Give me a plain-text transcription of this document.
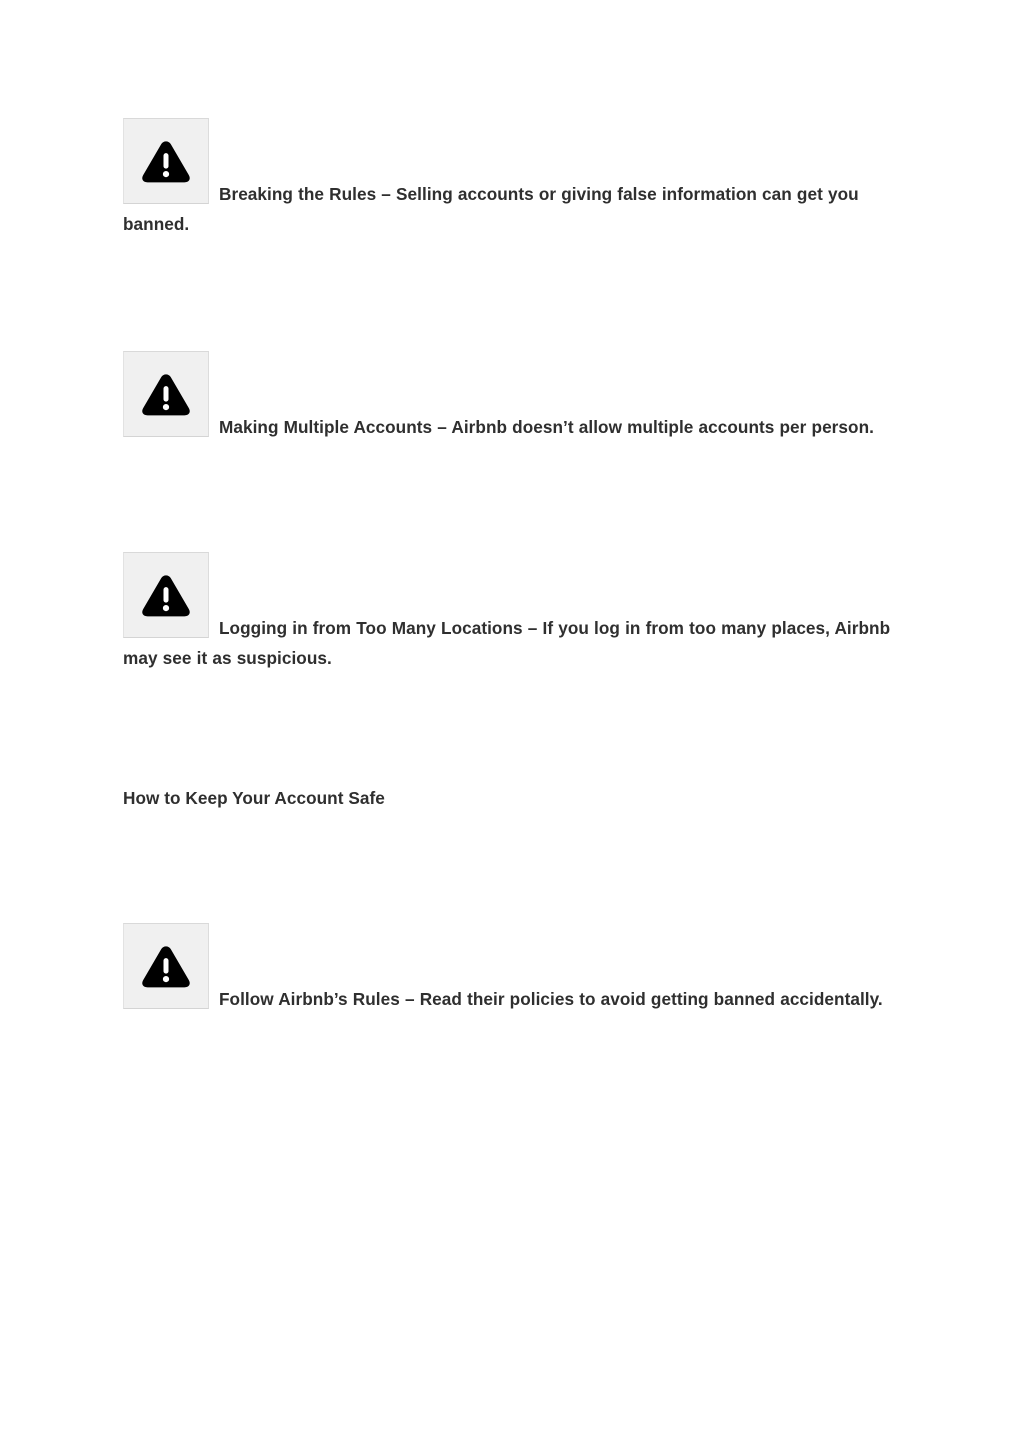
Breaking the Rules – Selling accounts or giving false information can get you banned.

Making Multiple Accounts – Airbnb doesn’t allow multiple accounts per person.

Logging in from Too Many Locations – If you log in from too many places, Airbnb may see it as suspicious.

How to Keep Your Account Safe

Follow Airbnb’s Rules – Read their policies to avoid getting banned accidentally.
